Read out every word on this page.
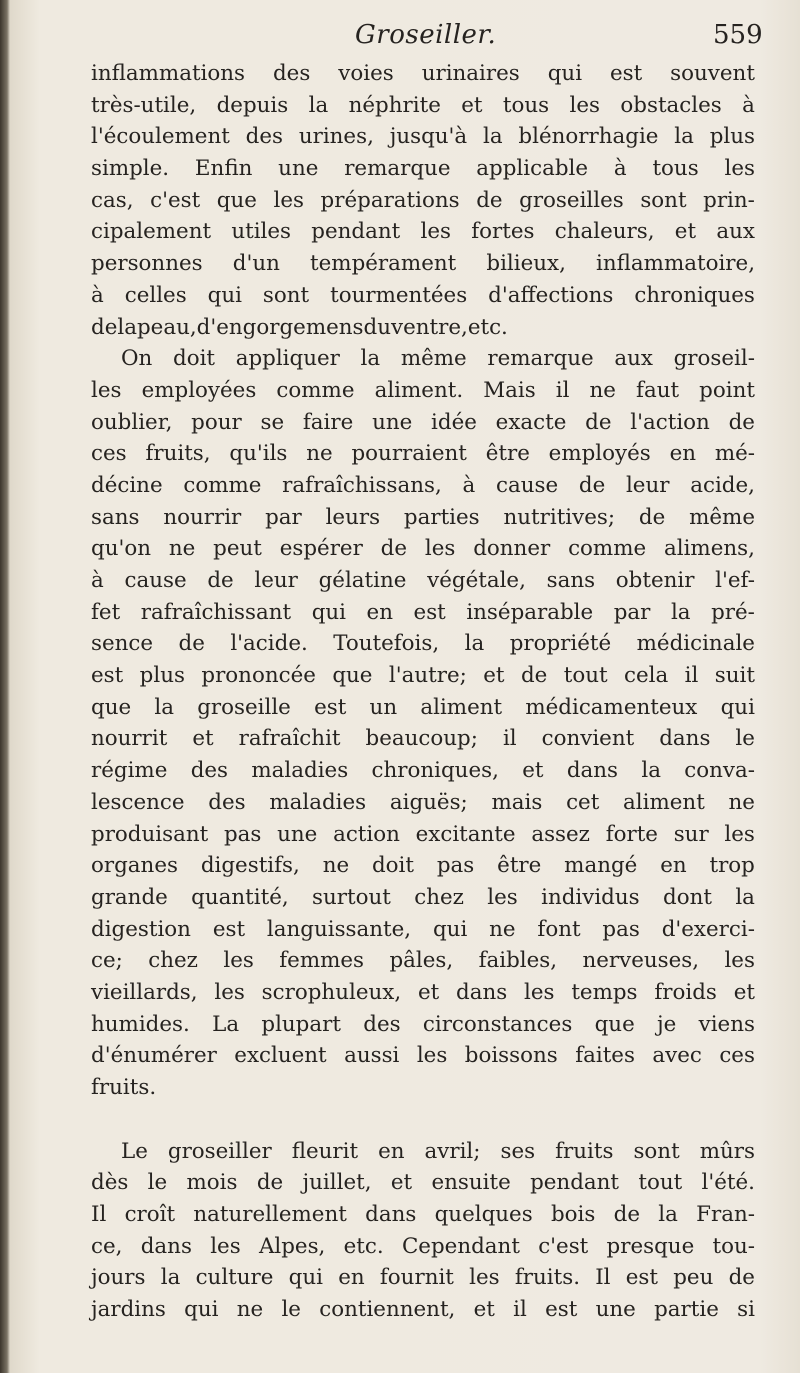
Groseiller.	559
inflammations des voies urinaires qui est souvent
très-utile, depuis la néphrite et tous les obstacles à
l'écoulement des urines, jusqu'à la blénorrhagie la plus
simple. Enfin une remarque applicable à tous les
cas, c'est que les préparations de groseilles sont prin-
cipalement utiles pendant les fortes chaleurs, et aux
personnes d'un tempérament bilieux, inflammatoire,
à celles qui sont tourmentées d'affections chroniques
de la peau, d'engorgemens du ventre, etc.
On doit appliquer la même remarque aux groseil-
les employées comme aliment. Mais il ne faut point
oublier, pour se faire une idée exacte de l'action de
ces fruits, qu'ils ne pourraient être employés en mé-
décine comme rafraîchissans, à cause de leur acide,
sans nourrir par leurs parties nutritives; de même
qu'on ne peut espérer de les donner comme alimens,
à cause de leur gélatine végétale, sans obtenir l'ef-
fet rafraîchissant qui en est inséparable par la pré-
sence de l'acide. Toutefois, la propriété médicinale
est plus prononcée que l'autre; et de tout cela il suit
que la groseille est un aliment médicamenteux qui
nourrit et rafraîchit beaucoup; il convient dans le
régime des maladies chroniques, et dans la conva-
lescence des maladies aiguës; mais cet aliment ne
produisant pas une action excitante assez forte sur les
organes digestifs, ne doit pas être mangé en trop
grande quantité, surtout chez les individus dont la
digestion est languissante, qui ne font pas d'exerci-
ce; chez les femmes pâles, faibles, nerveuses, les
vieillards, les scrophuleux, et dans les temps froids et
humides. La plupart des circonstances que je viens
d'énumérer excluent aussi les boissons faites avec ces
fruits.
Le groseiller fleurit en avril; ses fruits sont mûrs
dès le mois de juillet, et ensuite pendant tout l'été.
Il croît naturellement dans quelques bois de la Fran-
ce, dans les Alpes, etc. Cependant c'est presque tou-
jours la culture qui en fournit les fruits. Il est peu de
jardins qui ne le contiennent, et il est une partie si
